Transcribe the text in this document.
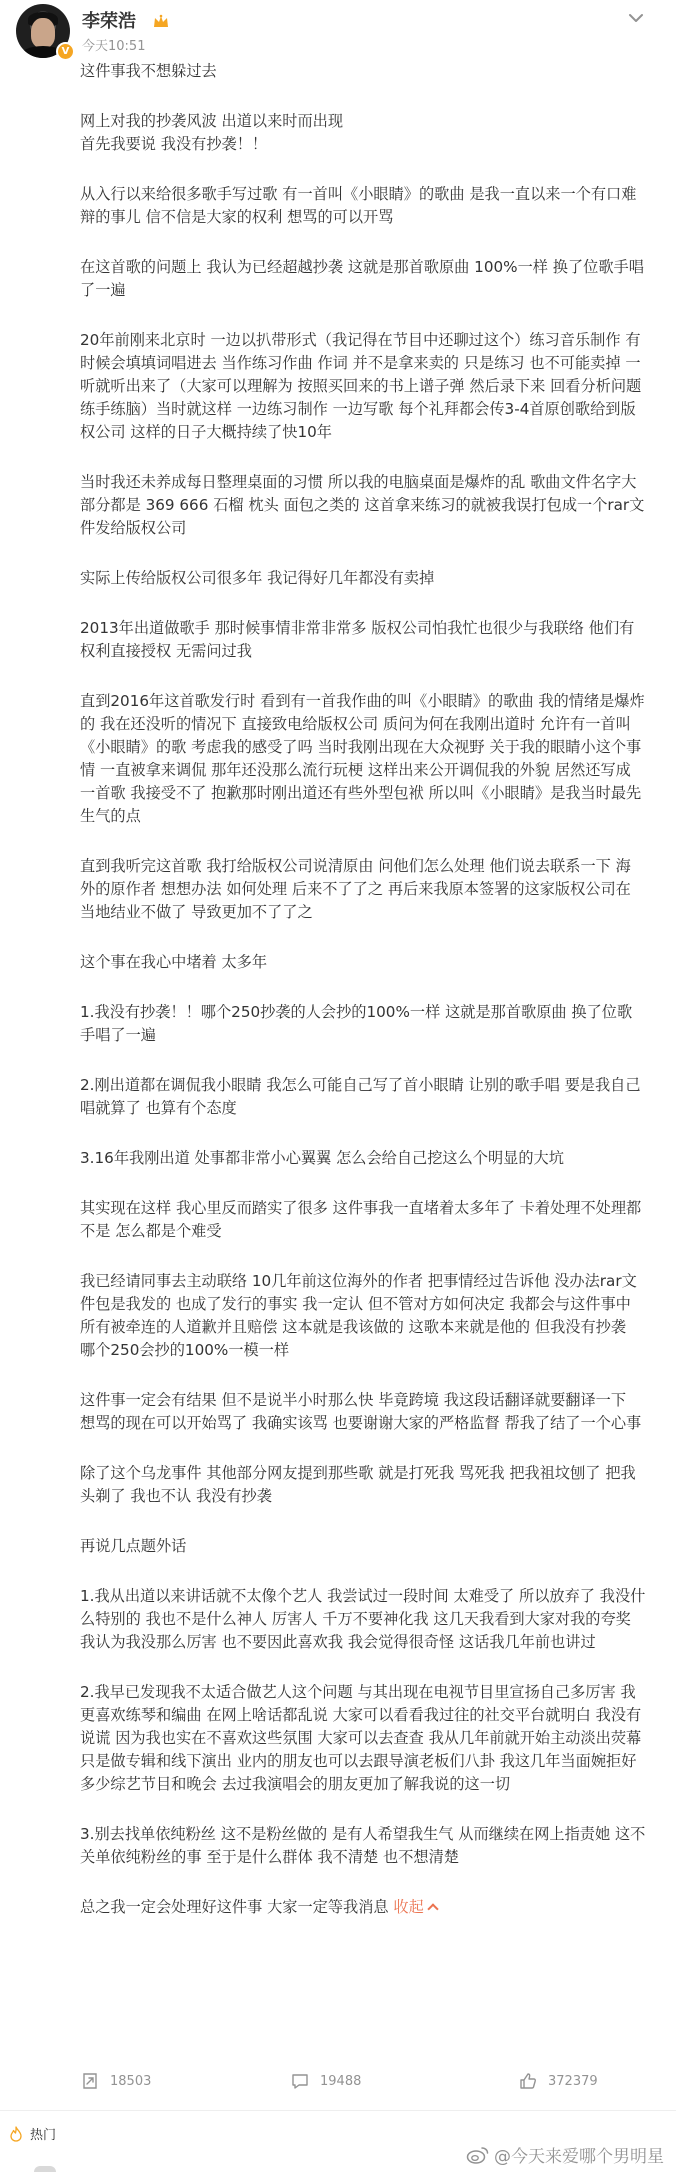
V
李荣浩
今天10:51

这件事我不想躲过去

网上对我的抄袭风波 出道以来时而出现
首先我要说 我没有抄袭！！

从入行以来给很多歌手写过歌 有一首叫《小眼睛》的歌曲 是我一直以来一个有口难辩的事儿 信不信是大家的权利 想骂的可以开骂

在这首歌的问题上 我认为已经超越抄袭 这就是那首歌原曲 100%一样 换了位歌手唱了一遍

20年前刚来北京时 一边以扒带形式（我记得在节目中还聊过这个）练习音乐制作 有时候会填填词唱进去 当作练习作曲 作词 并不是拿来卖的 只是练习 也不可能卖掉 一听就听出来了（大家可以理解为 按照买回来的书上谱子弹 然后录下来 回看分析问题 练手练脑）当时就这样 一边练习制作 一边写歌 每个礼拜都会传3-4首原创歌给到版权公司 这样的日子大概持续了快10年

当时我还未养成每日整理桌面的习惯 所以我的电脑桌面是爆炸的乱 歌曲文件名字大部分都是 369 666 石榴 枕头 面包之类的 这首拿来练习的就被我误打包成一个rar文件发给版权公司

实际上传给版权公司很多年 我记得好几年都没有卖掉

2013年出道做歌手 那时候事情非常非常多 版权公司怕我忙也很少与我联络 他们有权利直接授权 无需问过我

直到2016年这首歌发行时 看到有一首我作曲的叫《小眼睛》的歌曲 我的情绪是爆炸的 我在还没听的情况下 直接致电给版权公司 质问为何在我刚出道时 允许有一首叫《小眼睛》的歌 考虑我的感受了吗 当时我刚出现在大众视野 关于我的眼睛小这个事情 一直被拿来调侃 那年还没那么流行玩梗 这样出来公开调侃我的外貌 居然还写成一首歌 我接受不了 抱歉那时刚出道还有些外型包袱 所以叫《小眼睛》是我当时最先生气的点

直到我听完这首歌 我打给版权公司说清原由 问他们怎么处理 他们说去联系一下 海外的原作者 想想办法 如何处理 后来不了了之 再后来我原本签署的这家版权公司在当地结业不做了 导致更加不了了之

这个事在我心中堵着 太多年

1.我没有抄袭！！哪个250抄袭的人会抄的100%一样 这就是那首歌原曲 换了位歌手唱了一遍

2.刚出道都在调侃我小眼睛 我怎么可能自己写了首小眼睛 让别的歌手唱 要是我自己唱就算了 也算有个态度

3.16年我刚出道 处事都非常小心翼翼 怎么会给自己挖这么个明显的大坑

其实现在这样 我心里反而踏实了很多 这件事我一直堵着太多年了 卡着处理不处理都不是 怎么都是个难受

我已经请同事去主动联络 10几年前这位海外的作者 把事情经过告诉他 没办法rar文件包是我发的 也成了发行的事实 我一定认 但不管对方如何决定 我都会与这件事中所有被牵连的人道歉并且赔偿 这本就是我该做的 这歌本来就是他的 但我没有抄袭 哪个250会抄的100%一模一样

这件事一定会有结果 但不是说半小时那么快 毕竟跨境 我这段话翻译就要翻译一下 想骂的现在可以开始骂了 我确实该骂 也要谢谢大家的严格监督 帮我了结了一个心事

除了这个乌龙事件 其他部分网友提到那些歌 就是打死我 骂死我 把我祖坟刨了 把我头剃了 我也不认 我没有抄袭

再说几点题外话

1.我从出道以来讲话就不太像个艺人 我尝试过一段时间 太难受了 所以放弃了 我没什么特别的 我也不是什么神人 厉害人 千万不要神化我 这几天我看到大家对我的夸奖 我认为我没那么厉害 也不要因此喜欢我 我会觉得很奇怪 这话我几年前也讲过

2.我早已发现我不太适合做艺人这个问题 与其出现在电视节目里宣扬自己多厉害 我更喜欢练琴和编曲 在网上啥话都乱说 大家可以看看我过往的社交平台就明白 我没有说谎 因为我也实在不喜欢这些氛围 大家可以去查查 我从几年前就开始主动淡出荧幕 只是做专辑和线下演出 业内的朋友也可以去跟导演老板们八卦 我这几年当面婉拒好多少综艺节目和晚会 去过我演唱会的朋友更加了解我说的这一切

3.别去找单依纯粉丝 这不是粉丝做的 是有人希望我生气 从而继续在网上指责她 这不关单依纯粉丝的事 至于是什么群体 我不清楚 也不想清楚

总之我一定会处理好这件事 大家一定等我消息 收起

18503	19488	372379
热门
@今天来爱哪个男明星
